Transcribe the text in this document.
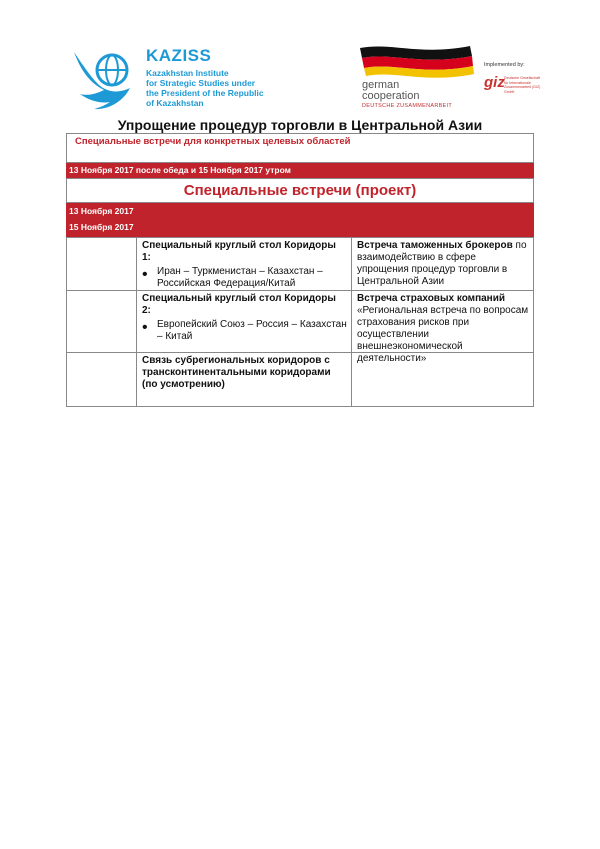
KAZISS
Kazakhstan Institute
for Strategic Studies under
the President of the Republic
of Kazakhstan
german
cooperation
DEUTSCHE ZUSAMMENARBEIT
Implemented by:
giz Deutsche Gesellschaft für Internationale Zusammenarbeit (GIZ) GmbH
Упрощение процедур торговли в Центральной Азии
Специальные встречи для конкретных целевых областей
13 Ноября 2017 после обеда и 15 Ноября 2017 утром
Специальные встречи (проект)
13 Ноября 2017
15 Ноября 2017
Специальный круглый стол Коридоры 1:
• Иран – Туркменистан – Казахстан – Российская Федерация/Китай
Встреча таможенных брокеров по взаимодействию в сфере упрощения процедур торговли в Центральной Азии
Специальный круглый стол Коридоры 2:
• Европейский Союз – Россия – Казахстан – Китай
Встреча страховых компаний
«Региональная встреча по вопросам страхования рисков при осуществлении внешнеэкономической деятельности»
Связь субрегиональных коридоров с трансконтинентальными коридорами (по усмотрению)
